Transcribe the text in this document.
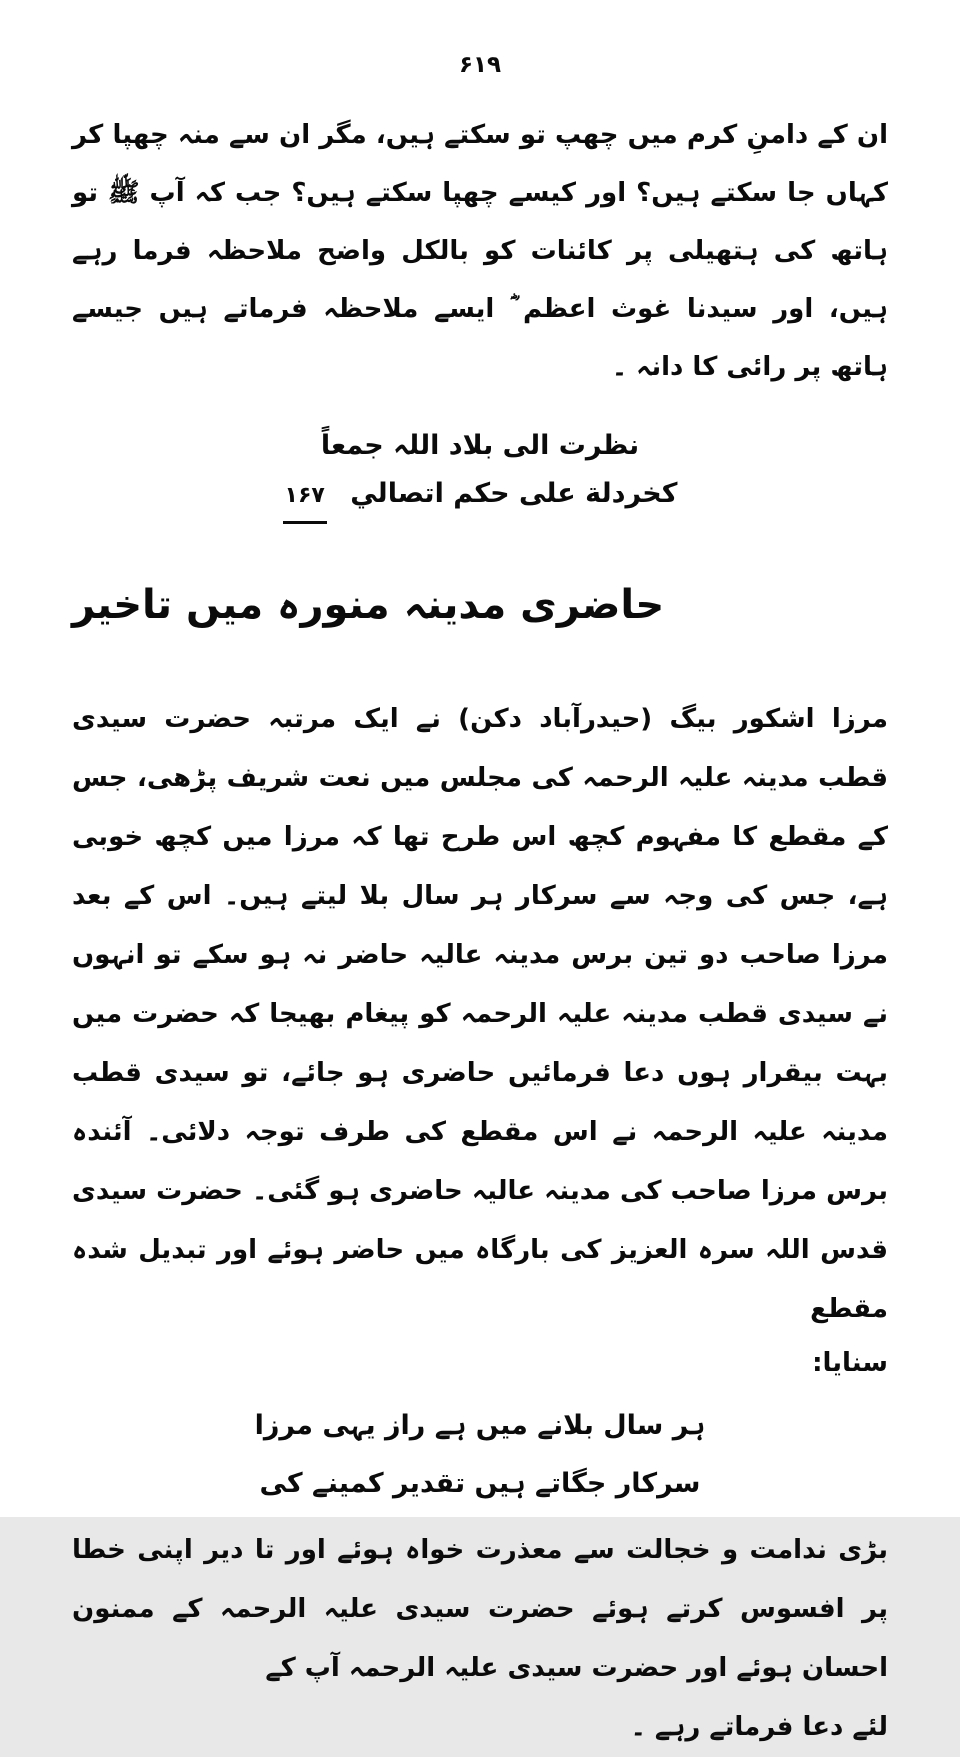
۶۱۹
ان کے دامنِ کرم میں چھپ تو سکتے ہیں، مگر ان سے منہ چھپا کر کہاں جا سکتے ہیں؟ اور کیسے چھپا سکتے ہیں؟ جب کہ آپ ﷺ تو ہاتھ کی ہتھیلی پر کائنات کو بالکل واضح ملاحظہ فرما رہے ہیں، اور سیدنا غوث اعظم ؓ ایسے ملاحظہ فرماتے ہیں جیسے ہاتھ پر رائی کا دانہ ۔
نظرت الی بلاد اللہ جمعاً
کخردلة علی حکم اتصالي ۱۶۷
حاضری مدینہ منورہ میں تاخیر
مرزا اشکور بیگ (حیدرآباد دکن) نے ایک مرتبہ حضرت سیدی قطب مدینہ علیہ الرحمہ کی مجلس میں نعت شریف پڑھی، جس کے مقطع کا مفہوم کچھ اس طرح تھا کہ مرزا میں کچھ خوبی ہے، جس کی وجہ سے سرکار ہر سال بلا لیتے ہیں۔ اس کے بعد مرزا صاحب دو تین برس مدینہ عالیہ حاضر نہ ہو سکے تو انہوں نے سیدی قطب مدینہ علیہ الرحمہ کو پیغام بھیجا کہ حضرت میں بہت بیقرار ہوں دعا فرمائیں حاضری ہو جائے، تو سیدی قطب مدینہ علیہ الرحمہ نے اس مقطع کی طرف توجہ دلائی۔ آئندہ برس مرزا صاحب کی مدینہ عالیہ حاضری ہو گئی۔ حضرت سیدی قدس اللہ سرہ العزیز کی بارگاہ میں حاضر ہوئے اور تبدیل شدہ مقطع
سنایا:
ہر سال بلانے میں ہے راز یہی مرزا
سرکار جگاتے ہیں تقدیر کمینے کی
بڑی ندامت و خجالت سے معذرت خواہ ہوئے اور تا دیر اپنی خطا پر افسوس کرتے ہوئے حضرت سیدی علیہ الرحمہ کے ممنون احسان ہوئے اور حضرت سیدی علیہ الرحمہ آپ کے
لئے دعا فرماتے رہے ۔
